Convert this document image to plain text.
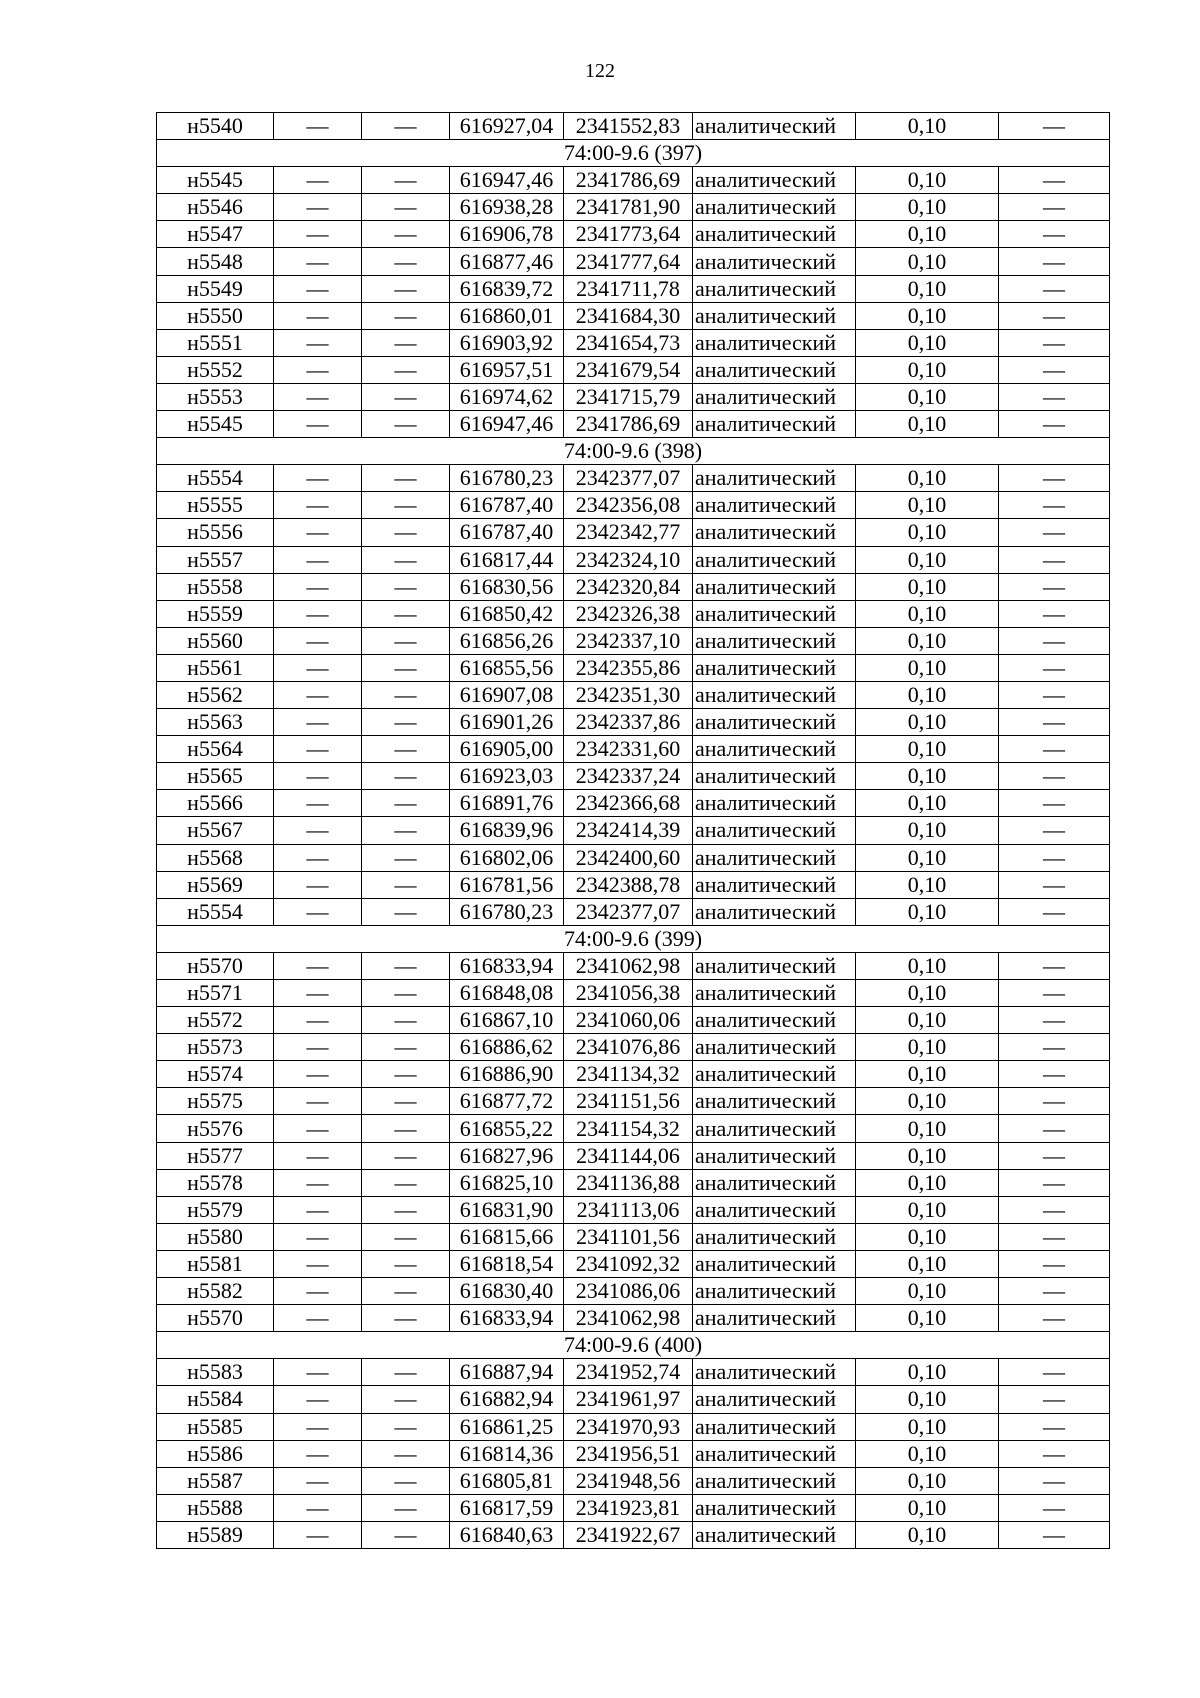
122
н5540	—	—	616927,04	2341552,83	аналитический	0,10	—
74:00-9.6 (397)							
н5545	—	—	616947,46	2341786,69	аналитический	0,10	—
н5546	—	—	616938,28	2341781,90	аналитический	0,10	—
н5547	—	—	616906,78	2341773,64	аналитический	0,10	—
н5548	—	—	616877,46	2341777,64	аналитический	0,10	—
н5549	—	—	616839,72	2341711,78	аналитический	0,10	—
н5550	—	—	616860,01	2341684,30	аналитический	0,10	—
н5551	—	—	616903,92	2341654,73	аналитический	0,10	—
н5552	—	—	616957,51	2341679,54	аналитический	0,10	—
н5553	—	—	616974,62	2341715,79	аналитический	0,10	—
н5545	—	—	616947,46	2341786,69	аналитический	0,10	—
74:00-9.6 (398)							
н5554	—	—	616780,23	2342377,07	аналитический	0,10	—
н5555	—	—	616787,40	2342356,08	аналитический	0,10	—
н5556	—	—	616787,40	2342342,77	аналитический	0,10	—
н5557	—	—	616817,44	2342324,10	аналитический	0,10	—
н5558	—	—	616830,56	2342320,84	аналитический	0,10	—
н5559	—	—	616850,42	2342326,38	аналитический	0,10	—
н5560	—	—	616856,26	2342337,10	аналитический	0,10	—
н5561	—	—	616855,56	2342355,86	аналитический	0,10	—
н5562	—	—	616907,08	2342351,30	аналитический	0,10	—
н5563	—	—	616901,26	2342337,86	аналитический	0,10	—
н5564	—	—	616905,00	2342331,60	аналитический	0,10	—
н5565	—	—	616923,03	2342337,24	аналитический	0,10	—
н5566	—	—	616891,76	2342366,68	аналитический	0,10	—
н5567	—	—	616839,96	2342414,39	аналитический	0,10	—
н5568	—	—	616802,06	2342400,60	аналитический	0,10	—
н5569	—	—	616781,56	2342388,78	аналитический	0,10	—
н5554	—	—	616780,23	2342377,07	аналитический	0,10	—
74:00-9.6 (399)							
н5570	—	—	616833,94	2341062,98	аналитический	0,10	—
н5571	—	—	616848,08	2341056,38	аналитический	0,10	—
н5572	—	—	616867,10	2341060,06	аналитический	0,10	—
н5573	—	—	616886,62	2341076,86	аналитический	0,10	—
н5574	—	—	616886,90	2341134,32	аналитический	0,10	—
н5575	—	—	616877,72	2341151,56	аналитический	0,10	—
н5576	—	—	616855,22	2341154,32	аналитический	0,10	—
н5577	—	—	616827,96	2341144,06	аналитический	0,10	—
н5578	—	—	616825,10	2341136,88	аналитический	0,10	—
н5579	—	—	616831,90	2341113,06	аналитический	0,10	—
н5580	—	—	616815,66	2341101,56	аналитический	0,10	—
н5581	—	—	616818,54	2341092,32	аналитический	0,10	—
н5582	—	—	616830,40	2341086,06	аналитический	0,10	—
н5570	—	—	616833,94	2341062,98	аналитический	0,10	—
74:00-9.6 (400)							
н5583	—	—	616887,94	2341952,74	аналитический	0,10	—
н5584	—	—	616882,94	2341961,97	аналитический	0,10	—
н5585	—	—	616861,25	2341970,93	аналитический	0,10	—
н5586	—	—	616814,36	2341956,51	аналитический	0,10	—
н5587	—	—	616805,81	2341948,56	аналитический	0,10	—
н5588	—	—	616817,59	2341923,81	аналитический	0,10	—
н5589	—	—	616840,63	2341922,67	аналитический	0,10	—
